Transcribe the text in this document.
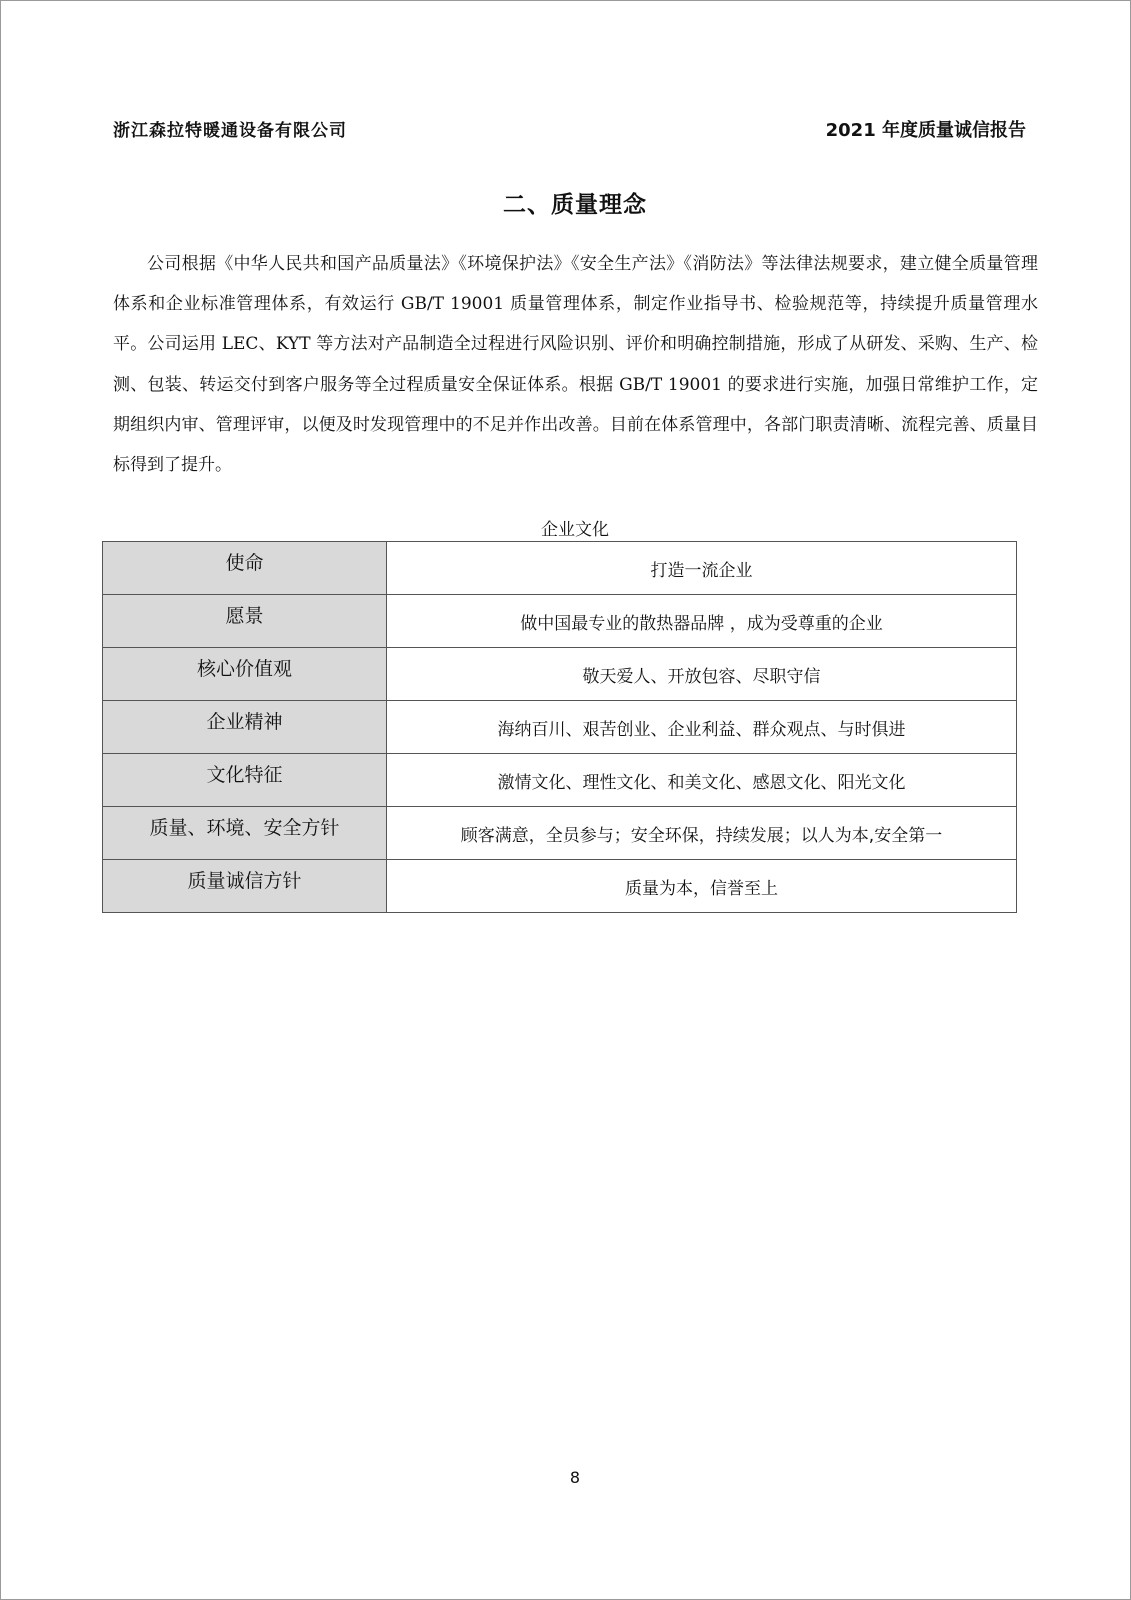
浙江森拉特暖通设备有限公司	2021 年度质量诚信报告
二、质量理念

公司根据《中华人民共和国产品质量法》《环境保护法》《安全生产法》《消防法》等法律法规要求，建立健全质量管理体系和企业标准管理体系，有效运行 GB/T 19001 质量管理体系，制定作业指导书、检验规范等，持续提升质量管理水平。公司运用 LEC、KYT 等方法对产品制造全过程进行风险识别、评价和明确控制措施，形成了从研发、采购、生产、检测、包装、转运交付到客户服务等全过程质量安全保证体系。根据 GB/T 19001 的要求进行实施，加强日常维护工作，定期组织内审、管理评审，以便及时发现管理中的不足并作出改善。目前在体系管理中，各部门职责清晰、流程完善、质量目标得到了提升。

企业文化
使命	打造一流企业
愿景	做中国最专业的散热器品牌 ，成为受尊重的企业
核心价值观	敬天爱人、开放包容、尽职守信
企业精神	海纳百川、艰苦创业、企业利益、群众观点、与时俱进
文化特征	激情文化、理性文化、和美文化、感恩文化、阳光文化
质量、环境、安全方针	顾客满意，全员参与；安全环保，持续发展；以人为本,安全第一
质量诚信方针	质量为本，信誉至上
8
